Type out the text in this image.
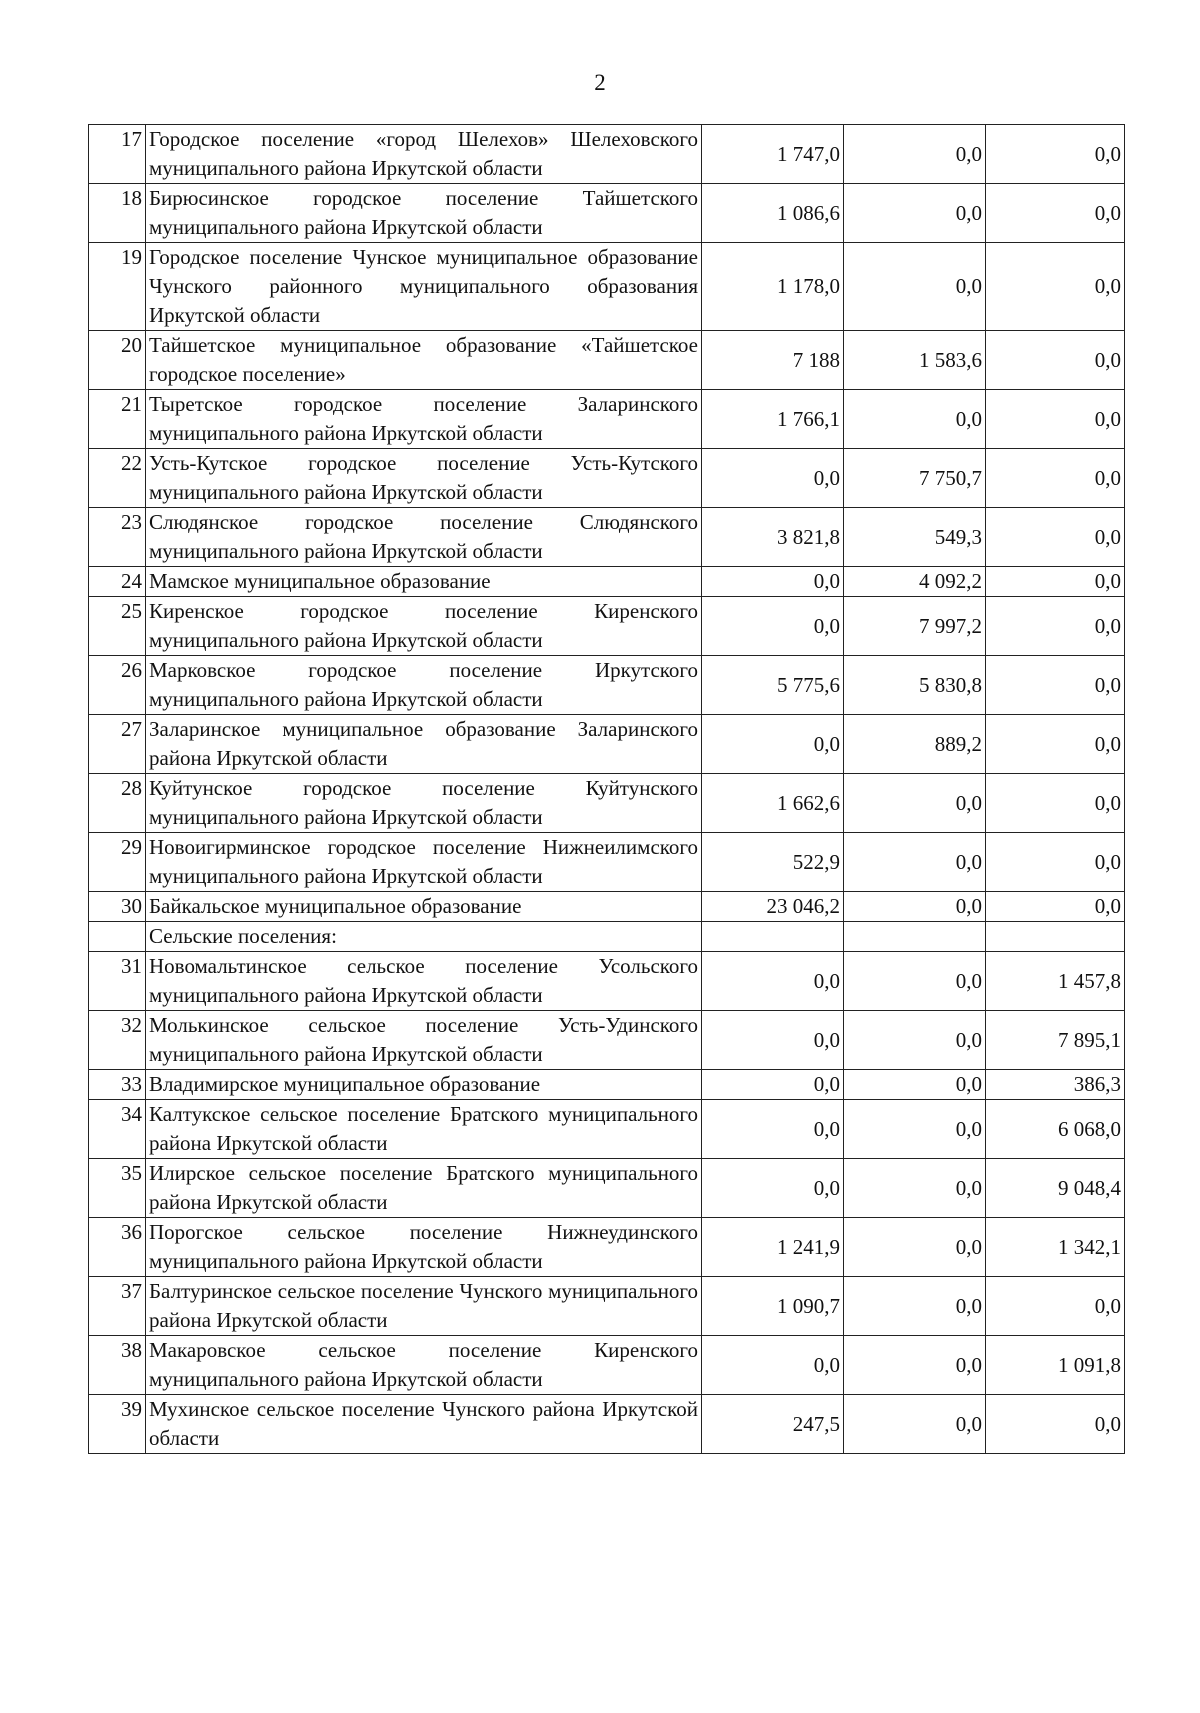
2
17	Городское поселение «город Шелехов» Шелеховского муниципального района Иркутской области	1 747,0	0,0	0,0
18	Бирюсинское городское поселение Тайшетского муниципального района Иркутской области	1 086,6	0,0	0,0
19	Городское поселение Чунское муниципальное образование Чунского районного муниципального образования Иркутской области	1 178,0	0,0	0,0
20	Тайшетское муниципальное образование «Тайшетское городское поселение»	7 188	1 583,6	0,0
21	Тыретское городское поселение Заларинского муниципального района Иркутской области	1 766,1	0,0	0,0
22	Усть-Кутское городское поселение Усть-Кутского муниципального района Иркутской области	0,0	7 750,7	0,0
23	Слюдянское городское поселение Слюдянского муниципального района Иркутской области	3 821,8	549,3	0,0
24	Мамское муниципальное образование	0,0	4 092,2	0,0
25	Киренское городское поселение Киренского муниципального района Иркутской области	0,0	7 997,2	0,0
26	Марковское городское поселение Иркутского муниципального района Иркутской области	5 775,6	5 830,8	0,0
27	Заларинское муниципальное образование Заларинского района Иркутской области	0,0	889,2	0,0
28	Куйтунское городское поселение Куйтунского муниципального района Иркутской области	1 662,6	0,0	0,0
29	Новоигирминское городское поселение Нижнеилимского муниципального района Иркутской области	522,9	0,0	0,0
30	Байкальское муниципальное образование	23 046,2	0,0	0,0
	Сельские поселения:			
31	Новомальтинское сельское поселение Усольского муниципального района Иркутской области	0,0	0,0	1 457,8
32	Молькинское сельское поселение Усть-Удинского муниципального района Иркутской области	0,0	0,0	7 895,1
33	Владимирское муниципальное образование	0,0	0,0	386,3
34	Калтукское сельское поселение Братского муниципального района Иркутской области	0,0	0,0	6 068,0
35	Илирское сельское поселение Братского муниципального района Иркутской области	0,0	0,0	9 048,4
36	Порогское сельское поселение Нижнеудинского муниципального района Иркутской области	1 241,9	0,0	1 342,1
37	Балтуринское сельское поселение Чунского муниципального района Иркутской области	1 090,7	0,0	0,0
38	Макаровское сельское поселение Киренского муниципального района Иркутской области	0,0	0,0	1 091,8
39	Мухинское сельское поселение Чунского района Иркутской области	247,5	0,0	0,0
